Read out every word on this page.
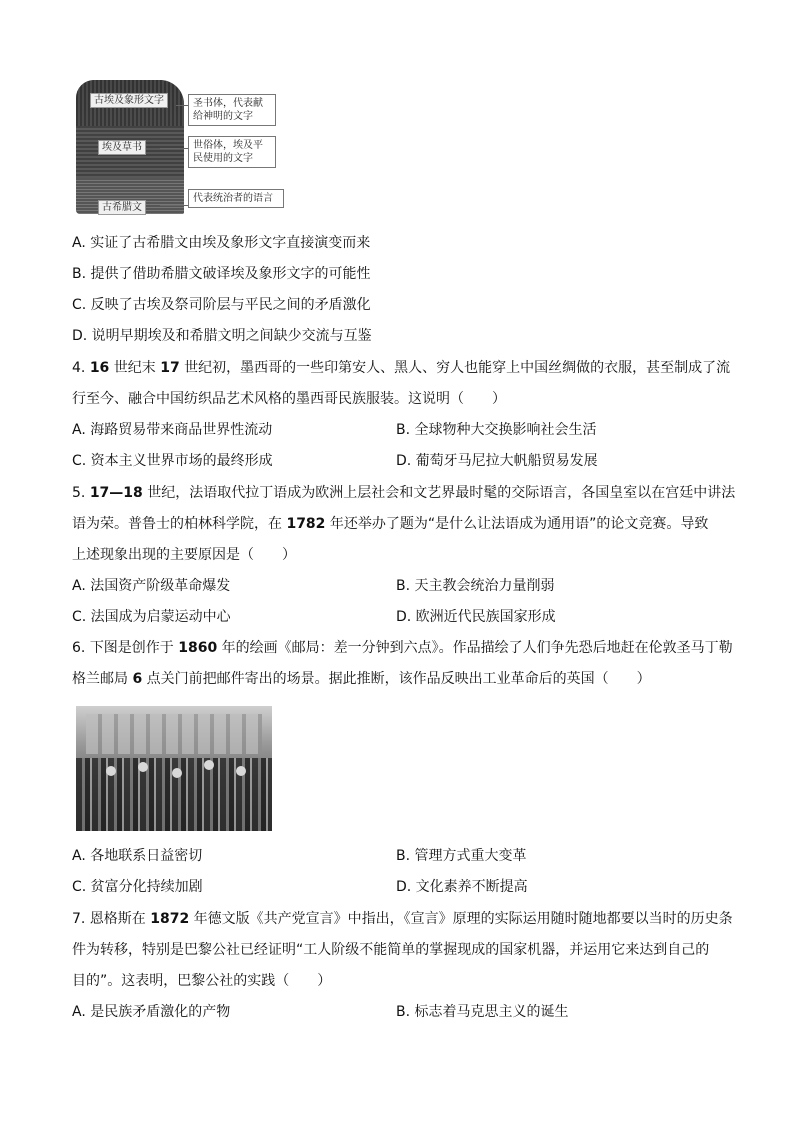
古埃及象形文字
埃及草书
古希腊文
圣书体，代表献给神明的文字
世俗体，埃及平民使用的文字
代表统治者的语言
A. 实证了古希腊文由埃及象形文字直接演变而来
B. 提供了借助希腊文破译埃及象形文字的可能性
C. 反映了古埃及祭司阶层与平民之间的矛盾激化
D. 说明早期埃及和希腊文明之间缺少交流与互鉴
4. 16 世纪末 17 世纪初，墨西哥的一些印第安人、黑人、穷人也能穿上中国丝绸做的衣服，甚至制成了流
行至今、融合中国纺织品艺术风格的墨西哥民族服装。这说明（　　）
A. 海路贸易带来商品世界性流动	B. 全球物种大交换影响社会生活
C. 资本主义世界市场的最终形成	D. 葡萄牙马尼拉大帆船贸易发展
5. 17—18 世纪，法语取代拉丁语成为欧洲上层社会和文艺界最时髦的交际语言，各国皇室以在宫廷中讲法
语为荣。普鲁士的柏林科学院，在 1782 年还举办了题为“是什么让法语成为通用语”的论文竞赛。导致
上述现象出现的主要原因是（　　）
A. 法国资产阶级革命爆发	B. 天主教会统治力量削弱
C. 法国成为启蒙运动中心	D. 欧洲近代民族国家形成
6. 下图是创作于 1860 年的绘画《邮局：差一分钟到六点》。作品描绘了人们争先恐后地赶在伦敦圣马丁勒
格兰邮局 6 点关门前把邮件寄出的场景。据此推断，该作品反映出工业革命后的英国（　　）
A. 各地联系日益密切	B. 管理方式重大变革
C. 贫富分化持续加剧	D. 文化素养不断提高
7. 恩格斯在 1872 年德文版《共产党宣言》中指出，《宣言》原理的实际运用随时随地都要以当时的历史条
件为转移，特别是巴黎公社已经证明“工人阶级不能简单的掌握现成的国家机器，并运用它来达到自己的
目的”。这表明，巴黎公社的实践（　　）
A. 是民族矛盾激化的产物	B. 标志着马克思主义的诞生
